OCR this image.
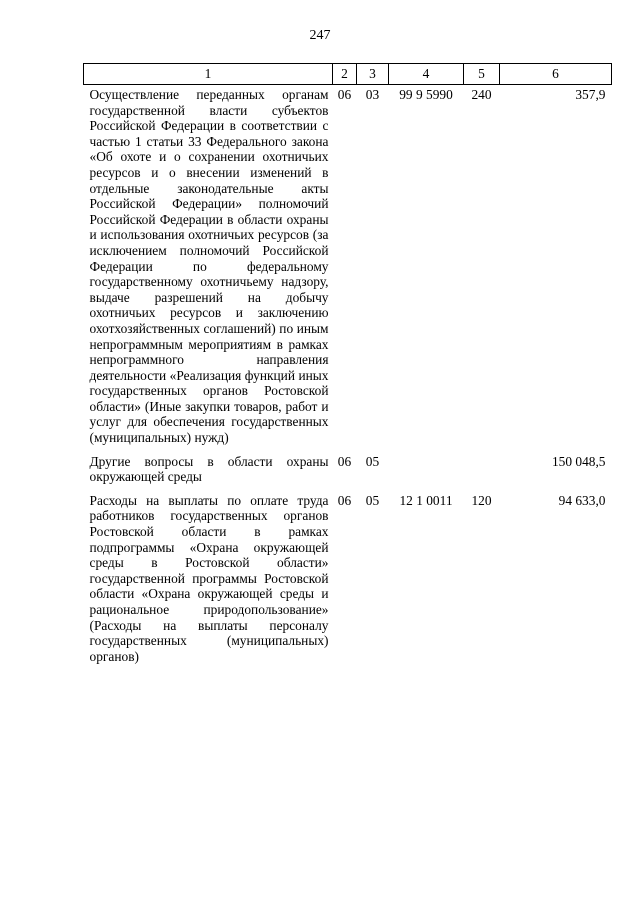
247
1	2	3	4	5	6
Осуществление переданных органам государственной власти субъектов Российской Федерации в соответствии с частью 1 статьи 33 Федерального закона «Об охоте и о сохранении охотничьих ресурсов и о внесении изменений в отдельные законодательные акты Российской Федерации» полномочий Российской Федерации в области охраны и использования охотничьих ресурсов (за исключением полномочий Российской Федерации по федеральному государственному охотничьему надзору, выдаче разрешений на добычу охотничьих ресурсов и заключению охотхозяйственных соглашений) по иным непрограммным мероприятиям в рамках непрограммного направления деятельности «Реализация функций иных государственных органов Ростовской области» (Иные закупки товаров, работ и услуг для обеспечения государственных (муниципальных) нужд)	06	03	99 9 5990	240	357,9
Другие вопросы в области охраны окружающей среды	06	05			150 048,5
Расходы на выплаты по оплате труда работников государственных органов Ростовской области в рамках подпрограммы «Охрана окружающей среды в Ростовской области» государственной программы Ростовской области «Охрана окружающей среды и рациональное природопользование» (Расходы на выплаты персоналу государственных (муниципальных) органов)	06	05	12 1 0011	120	94 633,0
